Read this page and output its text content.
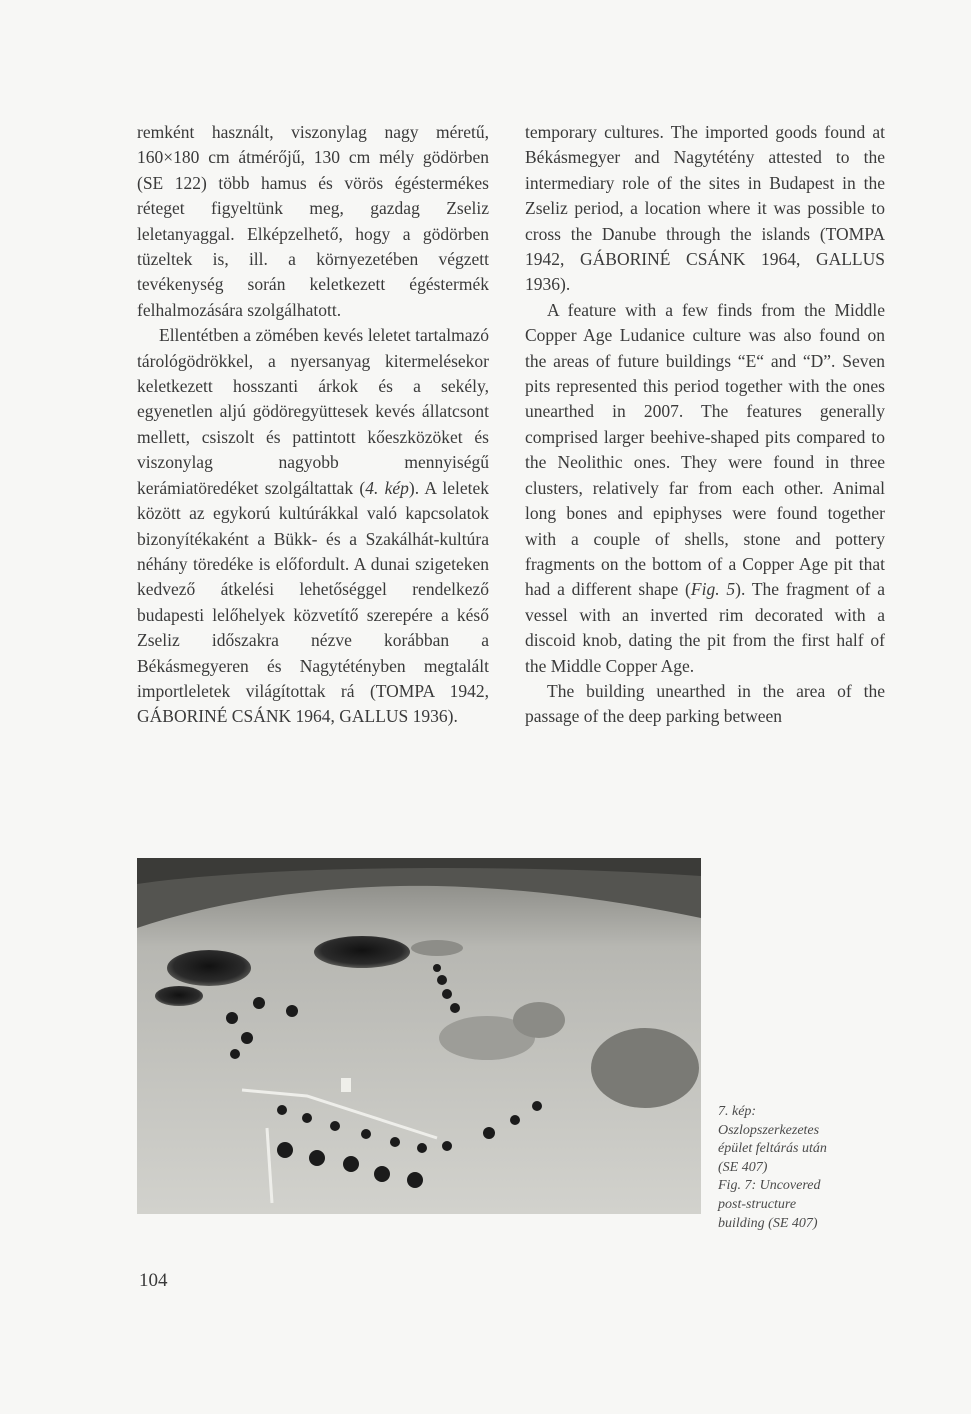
remként használt, viszonylag nagy méretű, 160×180 cm átmérőjű, 130 cm mély gödörben (SE 122) több hamus és vörös égéstermékes réteget figyeltünk meg, gazdag Zseliz leletanyaggal. Elképzelhető, hogy a gödörben tüzeltek is, ill. a környezetében végzett tevékenység során keletkezett égéstermék felhalmozására szolgálhatott.

Ellentétben a zömében kevés leletet tartalmazó tárológödrökkel, a nyersanyag kitermelésekor keletkezett hosszanti árkok és a sekély, egyenetlen aljú gödöregyüttesek kevés állatcsont mellett, csiszolt és pattintott kőeszközöket és viszonylag nagyobb mennyiségű kerámiatöredéket szolgáltattak (4. kép). A leletek között az egykorú kultúrákkal való kapcsolatok bizonyítékaként a Bükk- és a Szakálhát-kultúra néhány töredéke is előfordult. A dunai szigeteken kedvező átkelési lehetőséggel rendelkező budapesti lelőhelyek közvetítő szerepére a késő Zseliz időszakra nézve korábban a Békásmegyeren és Nagytétényben megtalált importleletek világítottak rá (TOMPA 1942, GÁBORINÉ CSÁNK 1964, GALLUS 1936).

temporary cultures. The imported goods found at Békásmegyer and Nagytétény attested to the intermediary role of the sites in Budapest in the Zseliz period, a location where it was possible to cross the Danube through the islands (TOMPA 1942, GÁBORINÉ CSÁNK 1964, GALLUS 1936).

A feature with a few finds from the Middle Copper Age Ludanice culture was also found on the areas of future buildings “E“ and “D”. Seven pits represented this period together with the ones unearthed in 2007. The features generally comprised larger beehive-shaped pits compared to the Neolithic ones. They were found in three clusters, relatively far from each other. Animal long bones and epiphyses were found together with a couple of shells, stone and pottery fragments on the bottom of a Copper Age pit that had a different shape (Fig. 5). The fragment of a vessel with an inverted rim decorated with a discoid knob, dating the pit from the first half of the Middle Copper Age.

The building unearthed in the area of the passage of the deep parking between

7. kép:
Oszlopszerkezetes
épület feltárás után
(SE 407)
Fig. 7: Uncovered
post-structure
building (SE 407)
104
